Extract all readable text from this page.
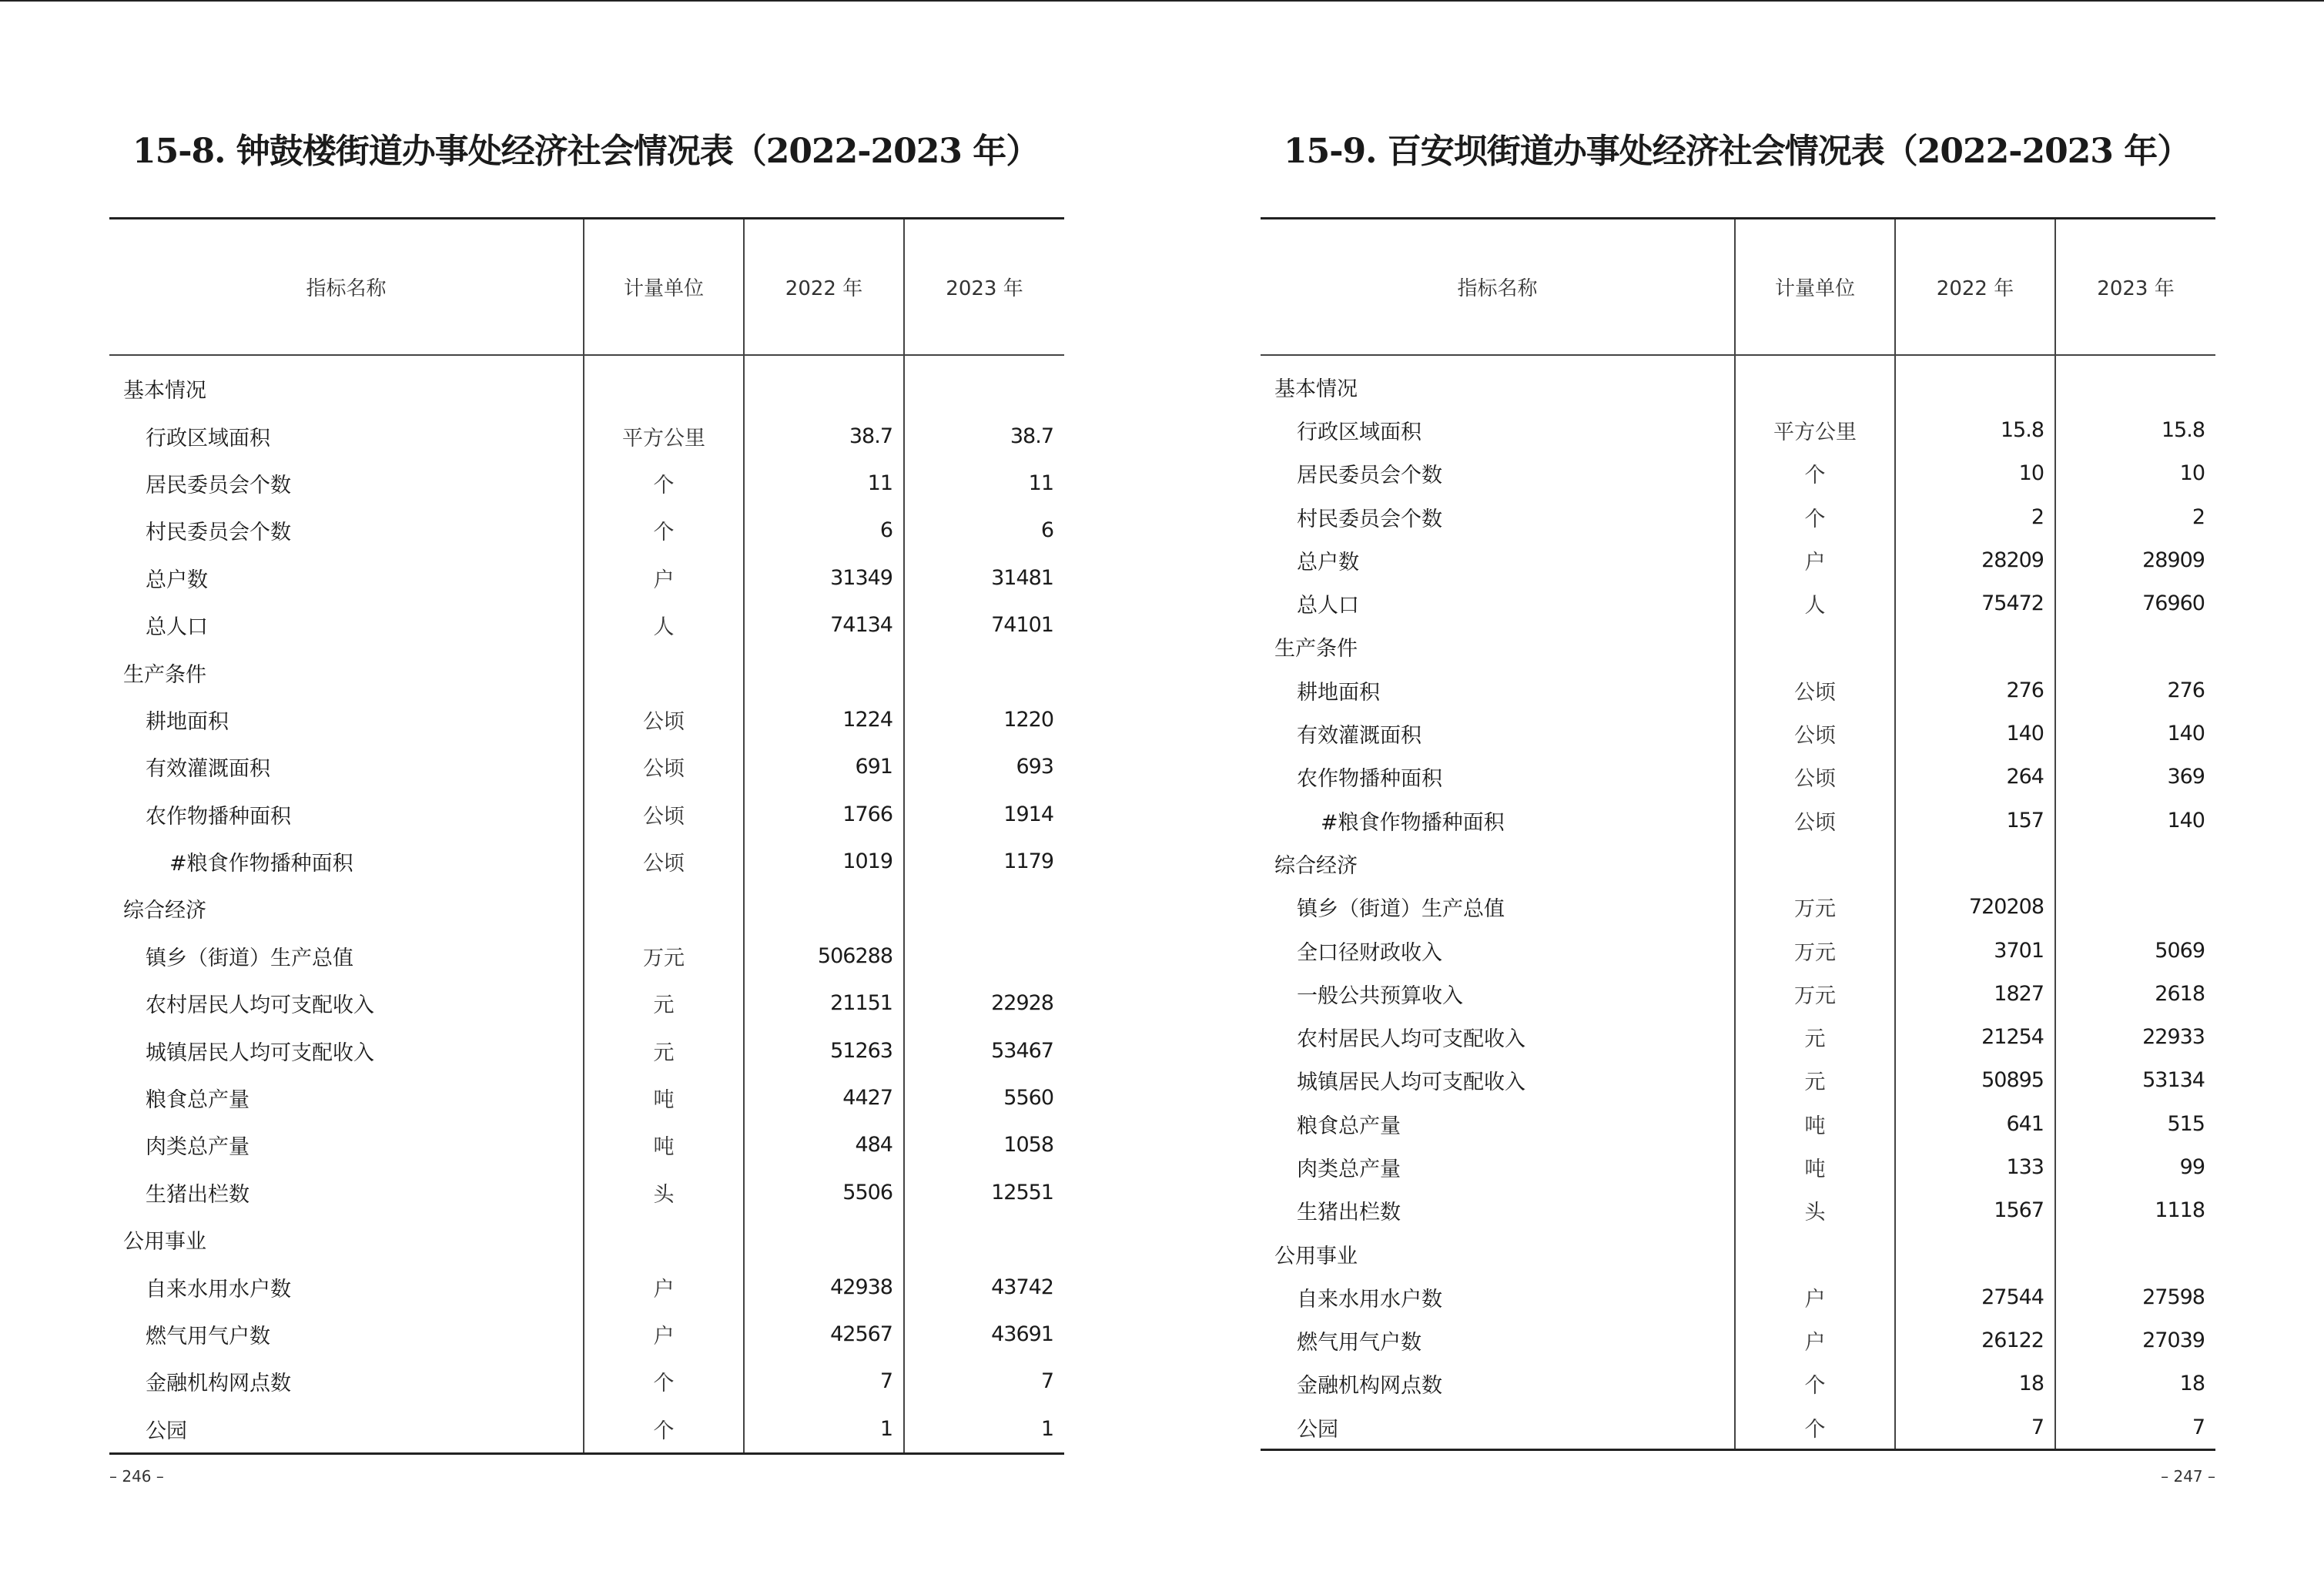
15-8. 钟鼓楼街道办事处经济社会情况表（2022-2023 年）
指标名称	计量单位	2022 年	2023 年
基本情况			
行政区域面积	平方公里	38.7	38.7
居民委员会个数	个	11	11
村民委员会个数	个	6	6
总户数	户	31349	31481
总人口	人	74134	74101
生产条件			
耕地面积	公顷	1224	1220
有效灌溉面积	公顷	691	693
农作物播种面积	公顷	1766	1914
#粮食作物播种面积	公顷	1019	1179
综合经济			
镇乡（街道）生产总值	万元	506288	
农村居民人均可支配收入	元	21151	22928
城镇居民人均可支配收入	元	51263	53467
粮食总产量	吨	4427	5560
肉类总产量	吨	484	1058
生猪出栏数	头	5506	12551
公用事业			
自来水用水户数	户	42938	43742
燃气用气户数	户	42567	43691
金融机构网点数	个	7	7
公园	个	1	1
– 246 –
15-9. 百安坝街道办事处经济社会情况表（2022-2023 年）
指标名称	计量单位	2022 年	2023 年
基本情况			
行政区域面积	平方公里	15.8	15.8
居民委员会个数	个	10	10
村民委员会个数	个	2	2
总户数	户	28209	28909
总人口	人	75472	76960
生产条件			
耕地面积	公顷	276	276
有效灌溉面积	公顷	140	140
农作物播种面积	公顷	264	369
#粮食作物播种面积	公顷	157	140
综合经济			
镇乡（街道）生产总值	万元	720208	
全口径财政收入	万元	3701	5069
一般公共预算收入	万元	1827	2618
农村居民人均可支配收入	元	21254	22933
城镇居民人均可支配收入	元	50895	53134
粮食总产量	吨	641	515
肉类总产量	吨	133	99
生猪出栏数	头	1567	1118
公用事业			
自来水用水户数	户	27544	27598
燃气用气户数	户	26122	27039
金融机构网点数	个	18	18
公园	个	7	7
– 247 –
